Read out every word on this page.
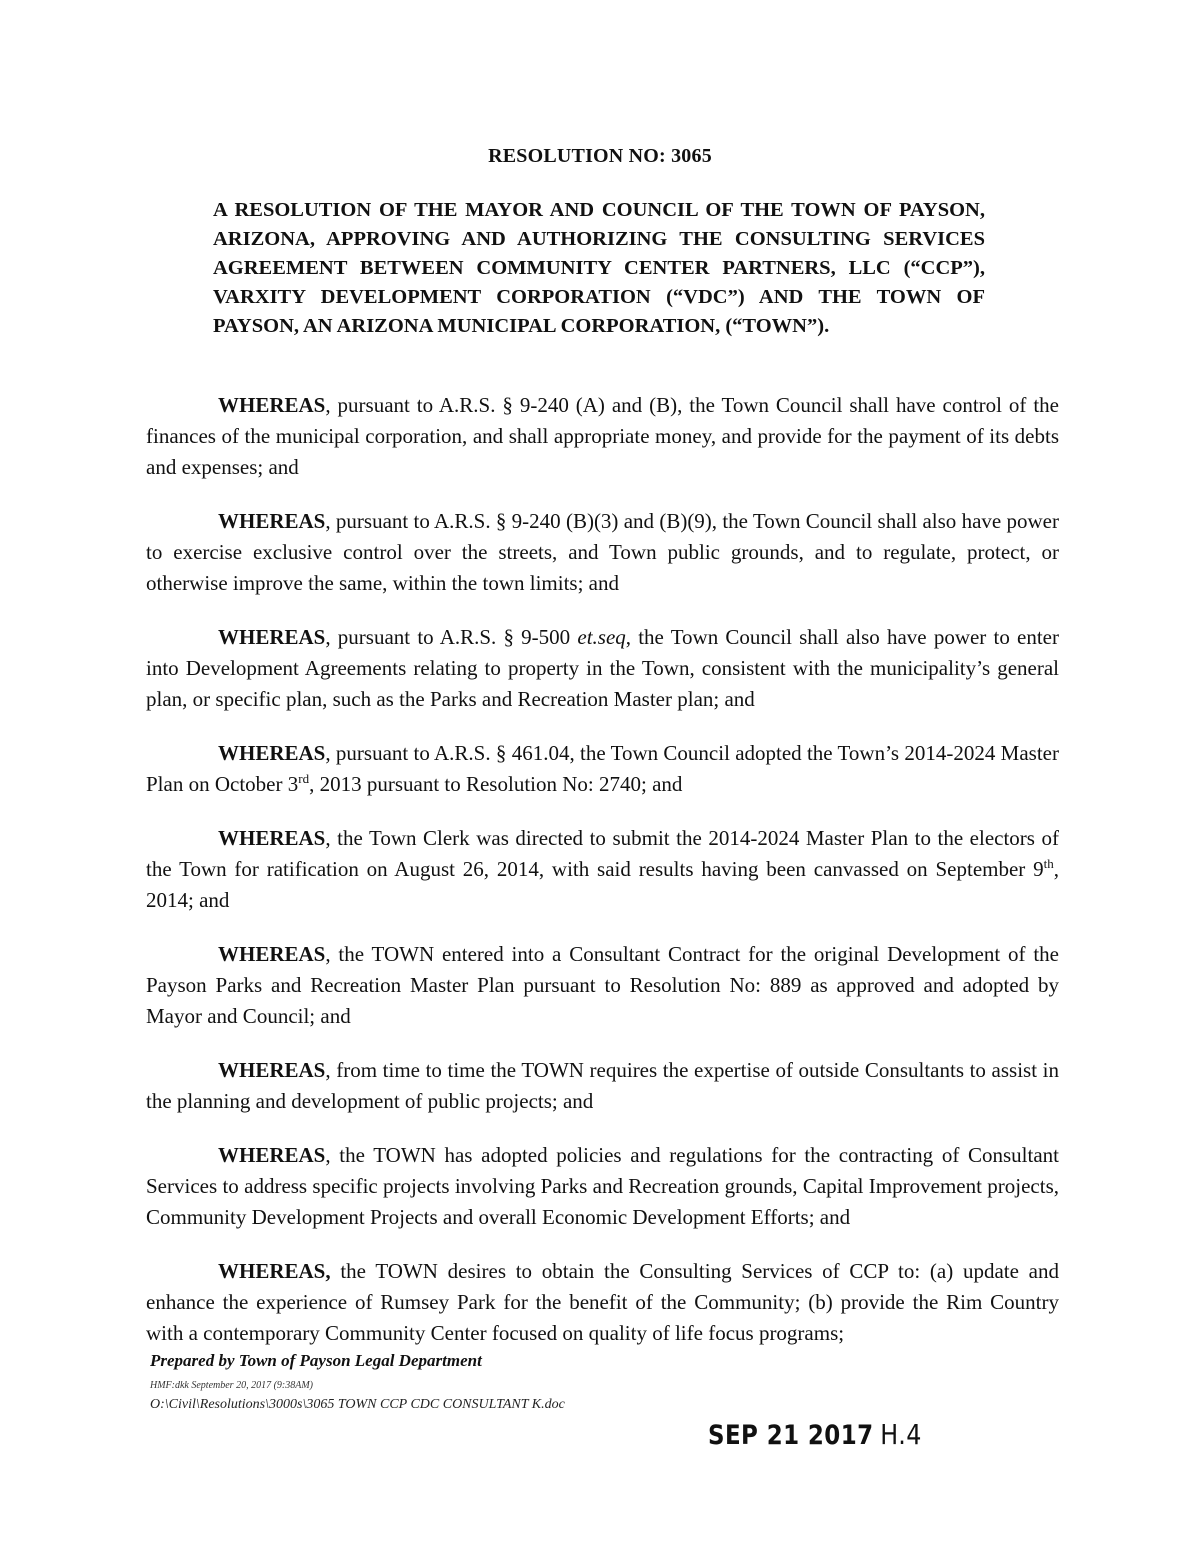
RESOLUTION NO: 3065
A RESOLUTION OF THE MAYOR AND COUNCIL OF THE TOWN OF PAYSON, ARIZONA, APPROVING AND AUTHORIZING THE CONSULTING SERVICES AGREEMENT BETWEEN COMMUNITY CENTER PARTNERS, LLC (“CCP”), VARXITY DEVELOPMENT CORPORATION (“VDC”) AND THE TOWN OF PAYSON, AN ARIZONA MUNICIPAL CORPORATION, (“TOWN”).

WHEREAS, pursuant to A.R.S. § 9-240 (A) and (B), the Town Council shall have control of the finances of the municipal corporation, and shall appropriate money, and provide for the payment of its debts and expenses; and

WHEREAS, pursuant to A.R.S. § 9-240 (B)(3) and (B)(9), the Town Council shall also have power to exercise exclusive control over the streets, and Town public grounds, and to regulate, protect, or otherwise improve the same, within the town limits; and

WHEREAS, pursuant to A.R.S. § 9-500 et.seq, the Town Council shall also have power to enter into Development Agreements relating to property in the Town, consistent with the municipality’s general plan, or specific plan, such as the Parks and Recreation Master plan; and

WHEREAS, pursuant to A.R.S. § 461.04, the Town Council adopted the Town’s 2014-2024 Master Plan on October 3rd, 2013 pursuant to Resolution No: 2740; and

WHEREAS, the Town Clerk was directed to submit the 2014-2024 Master Plan to the electors of the Town for ratification on August 26, 2014, with said results having been canvassed on September 9th, 2014; and

WHEREAS, the TOWN entered into a Consultant Contract for the original Development of the Payson Parks and Recreation Master Plan pursuant to Resolution No: 889 as approved and adopted by Mayor and Council; and

WHEREAS, from time to time the TOWN requires the expertise of outside Consultants to assist in the planning and development of public projects; and

WHEREAS, the TOWN has adopted policies and regulations for the contracting of Consultant Services to address specific projects involving Parks and Recreation grounds, Capital Improvement projects, Community Development Projects and overall Economic Development Efforts; and

WHEREAS, the TOWN desires to obtain the Consulting Services of CCP to: (a) update and enhance the experience of Rumsey Park for the benefit of the Community; (b) provide the Rim Country with a contemporary Community Center focused on quality of life focus programs;

Prepared by Town of Payson Legal Department
HMF:dkk September 20, 2017 (9:38AM)
O:\Civil\Resolutions\3000s\3065 TOWN CCP CDC CONSULTANT K.doc
SEP 21 2017 H.4
